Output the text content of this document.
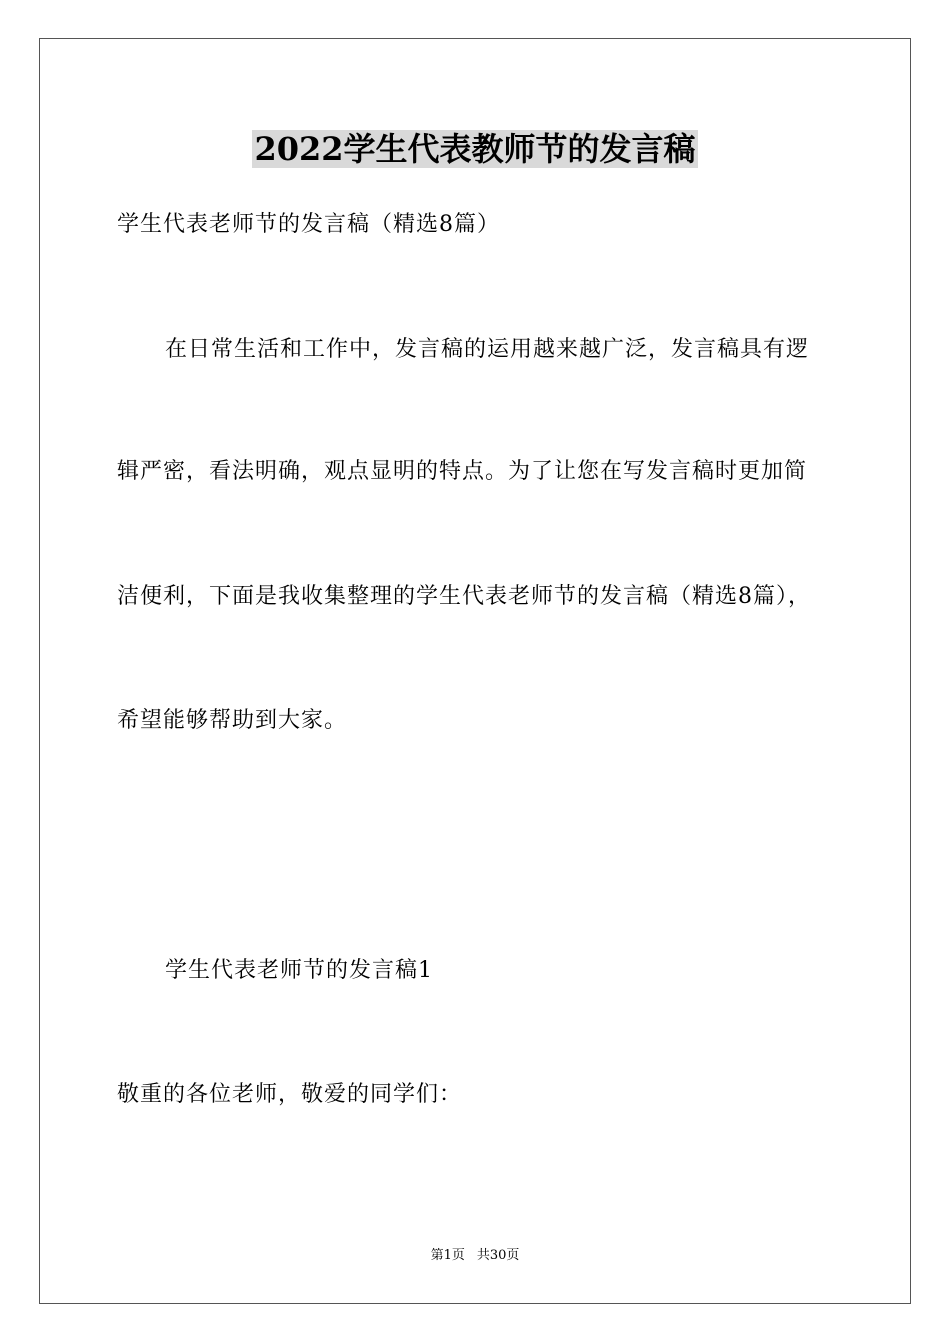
2022学生代表教师节的发言稿
学生代表老师节的发言稿（精选8篇）
在日常生活和工作中，发言稿的运用越来越广泛，发言稿具有逻
辑严密，看法明确，观点显明的特点。为了让您在写发言稿时更加简
洁便利，下面是我收集整理的学生代表老师节的发言稿（精选8篇），
希望能够帮助到大家。
学生代表老师节的发言稿1
敬重的各位老师，敬爱的同学们：
第1页 共30页
